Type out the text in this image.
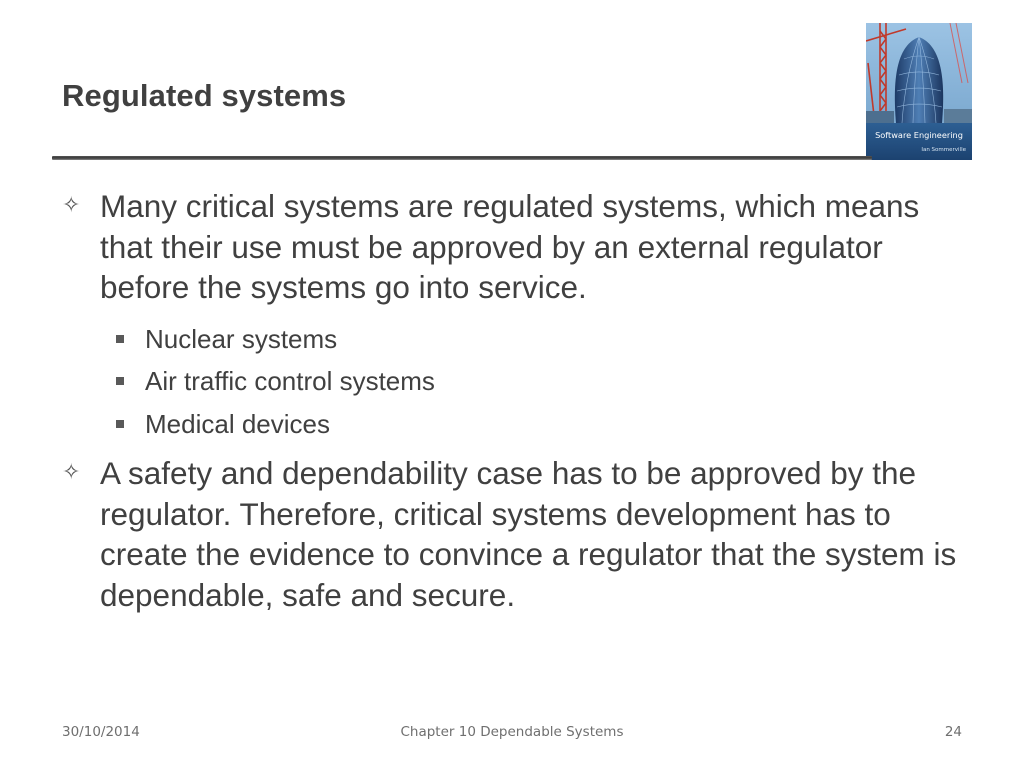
Regulated systems
Software Engineering
Ian Sommerville
✧ Many critical systems are regulated systems, which means that their use must be approved by an external regulator before the systems go into service.
Nuclear systems
Air traffic control systems
Medical devices
✧ A safety and dependability case has to be approved by the regulator. Therefore, critical systems development has to create the evidence to convince a regulator that the system is dependable, safe and secure.
30/10/2014	Chapter 10 Dependable Systems	24
